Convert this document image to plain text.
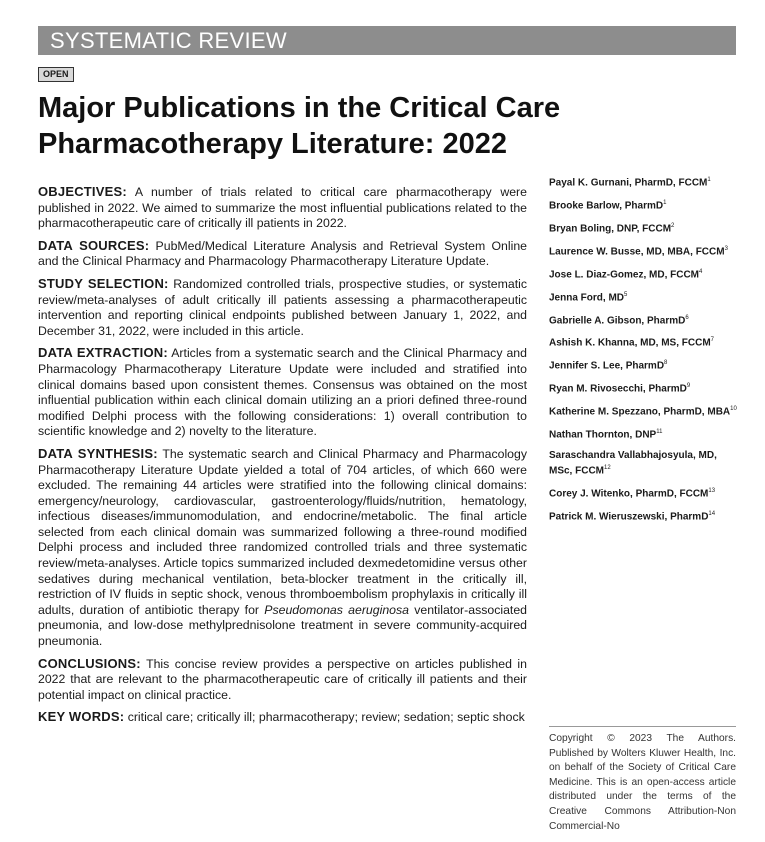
SYSTEMATIC REVIEW
OPEN
Major Publications in the Critical Care
Pharmacotherapy Literature: 2022

OBJECTIVES: A number of trials related to critical care pharmacotherapy were published in 2022. We aimed to summarize the most influential publications related to the pharmacotherapeutic care of critically ill patients in 2022.

DATA SOURCES: PubMed/Medical Literature Analysis and Retrieval System Online and the Clinical Pharmacy and Pharmacology Pharmacotherapy Literature Update.

STUDY SELECTION: Randomized controlled trials, prospective studies, or systematic review/meta-analyses of adult critically ill patients assessing a pharmacotherapeutic intervention and reporting clinical endpoints published between January 1, 2022, and December 31, 2022, were included in this article.

DATA EXTRACTION: Articles from a systematic search and the Clinical Pharmacy and Pharmacology Pharmacotherapy Literature Update were included and stratified into clinical domains based upon consistent themes. Consensus was obtained on the most influential publication within each clinical domain utilizing an a priori defined three-round modified Delphi process with the following considerations: 1) overall contribution to scientific knowledge and 2) novelty to the literature.

DATA SYNTHESIS: The systematic search and Clinical Pharmacy and Pharmacology Pharmacotherapy Literature Update yielded a total of 704 articles, of which 660 were excluded. The remaining 44 articles were stratified into the following clinical domains: emergency/neurology, cardiovascular, gastroenterology/fluids/nutrition, hematology, infectious diseases/immunomodulation, and endocrine/metabolic. The final article selected from each clinical domain was summarized following a three-round modified Delphi process and included three randomized controlled trials and three systematic review/meta-analyses. Article topics summarized included dexmedetomidine versus other sedatives during mechanical ventilation, beta-blocker treatment in the critically ill, restriction of IV fluids in septic shock, venous thromboembolism prophylaxis in critically ill adults, duration of antibiotic therapy for Pseudomonas aeruginosa ventilator-associated pneumonia, and low-dose methylprednisolone treatment in severe community-acquired pneumonia.

CONCLUSIONS: This concise review provides a perspective on articles published in 2022 that are relevant to the pharmacotherapeutic care of critically ill patients and their potential impact on clinical practice.

KEY WORDS: critical care; critically ill; pharmacotherapy; review; sedation; septic shock

Payal K. Gurnani, PharmD, FCCM$^1$
Brooke Barlow, PharmD$^1$
Bryan Boling, DNP, FCCM$^2$
Laurence W. Busse, MD, MBA, FCCM$^3$
Jose L. Diaz-Gomez, MD, FCCM$^4$
Jenna Ford, $MD^5$
Gabrielle A. Gibson, PharmD$^6$
Ashish K. Khanna, MD, MS, FCCM$^7$
Jennifer S. Lee, PharmD$^8$
Ryan M. Rivosecchi, PharmD$^9$
Katherine M. Spezzano, PharmD, MBA$^{10}$
Nathan Thornton, DNP$^{11}$
Saraschandra Vallabhajosyula, MD, MSc, FCCM$^{12}$
Corey J. Witenko, PharmD, FCCM$^{13}$
Patrick M. Wieruszewski, PharmD$^{14}$
Copyright © 2023 The Authors. Published by Wolters Kluwer Health, Inc. on behalf of the Society of Critical Care Medicine. This is an open-access article distributed under the terms of the Creative Commons Attribution-Non Commercial-No
